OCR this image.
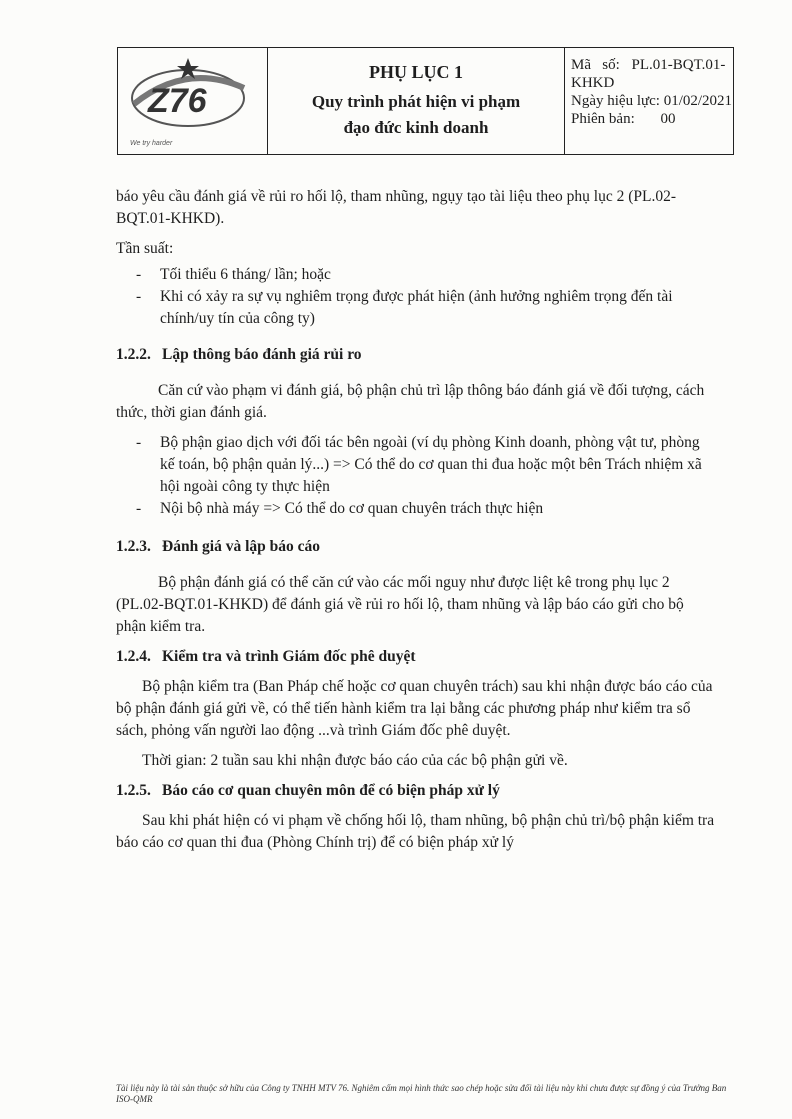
Z76
We try harder
PHỤ LỤC 1
Quy trình phát hiện vi phạm đạo đức kinh doanh
Mã   số: PL.01-BQT.01-
KHKD
Ngày hiệu lực: 01/02/2021
Phiên bản: 00

báo yêu cầu đánh giá về rủi ro hối lộ, tham nhũng, ngụy tạo tài liệu theo phụ lục 2 (PL.02-BQT.01-KHKD).

Tần suất:

- Tối thiểu 6 tháng/ lần; hoặc
- Khi có xảy ra sự vụ nghiêm trọng được phát hiện (ảnh hưởng nghiêm trọng đến tài chính/uy tín của công ty)

1.2.2. Lập thông báo đánh giá rủi ro

Căn cứ vào phạm vi đánh giá, bộ phận chủ trì lập thông báo đánh giá về đối tượng, cách thức, thời gian đánh giá.

- Bộ phận giao dịch với đối tác bên ngoài (ví dụ phòng Kinh doanh, phòng vật tư, phòng kế toán, bộ phận quản lý...) => Có thể do cơ quan thi đua hoặc một bên Trách nhiệm xã hội ngoài công ty thực hiện
- Nội bộ nhà máy => Có thể do cơ quan chuyên trách thực hiện

1.2.3. Đánh giá và lập báo cáo

Bộ phận đánh giá có thể căn cứ vào các mối nguy như được liệt kê trong phụ lục 2 (PL.02-BQT.01-KHKD) để đánh giá về rủi ro hối lộ, tham nhũng và lập báo cáo gửi cho bộ phận kiểm tra.

1.2.4. Kiểm tra và trình Giám đốc phê duyệt

Bộ phận kiểm tra (Ban Pháp chế hoặc cơ quan chuyên trách) sau khi nhận được báo cáo của bộ phận đánh giá gửi về, có thể tiến hành kiểm tra lại bằng các phương pháp như kiểm tra sổ sách, phỏng vấn người lao động ...và trình Giám đốc phê duyệt.

Thời gian: 2 tuần sau khi nhận được báo cáo của các bộ phận gửi về.

1.2.5. Báo cáo cơ quan chuyên môn để có biện pháp xử lý

Sau khi phát hiện có vi phạm về chống hối lộ, tham nhũng, bộ phận chủ trì/bộ phận kiểm tra báo cáo cơ quan thi đua (Phòng Chính trị) để có biện pháp xử lý

Tài liệu này là tài sản thuộc sở hữu của Công ty TNHH MTV 76. Nghiêm cấm mọi hình thức sao chép hoặc sửa đổi tài liệu này khi chưa được sự đồng ý của Trưởng Ban ISO-QMR
